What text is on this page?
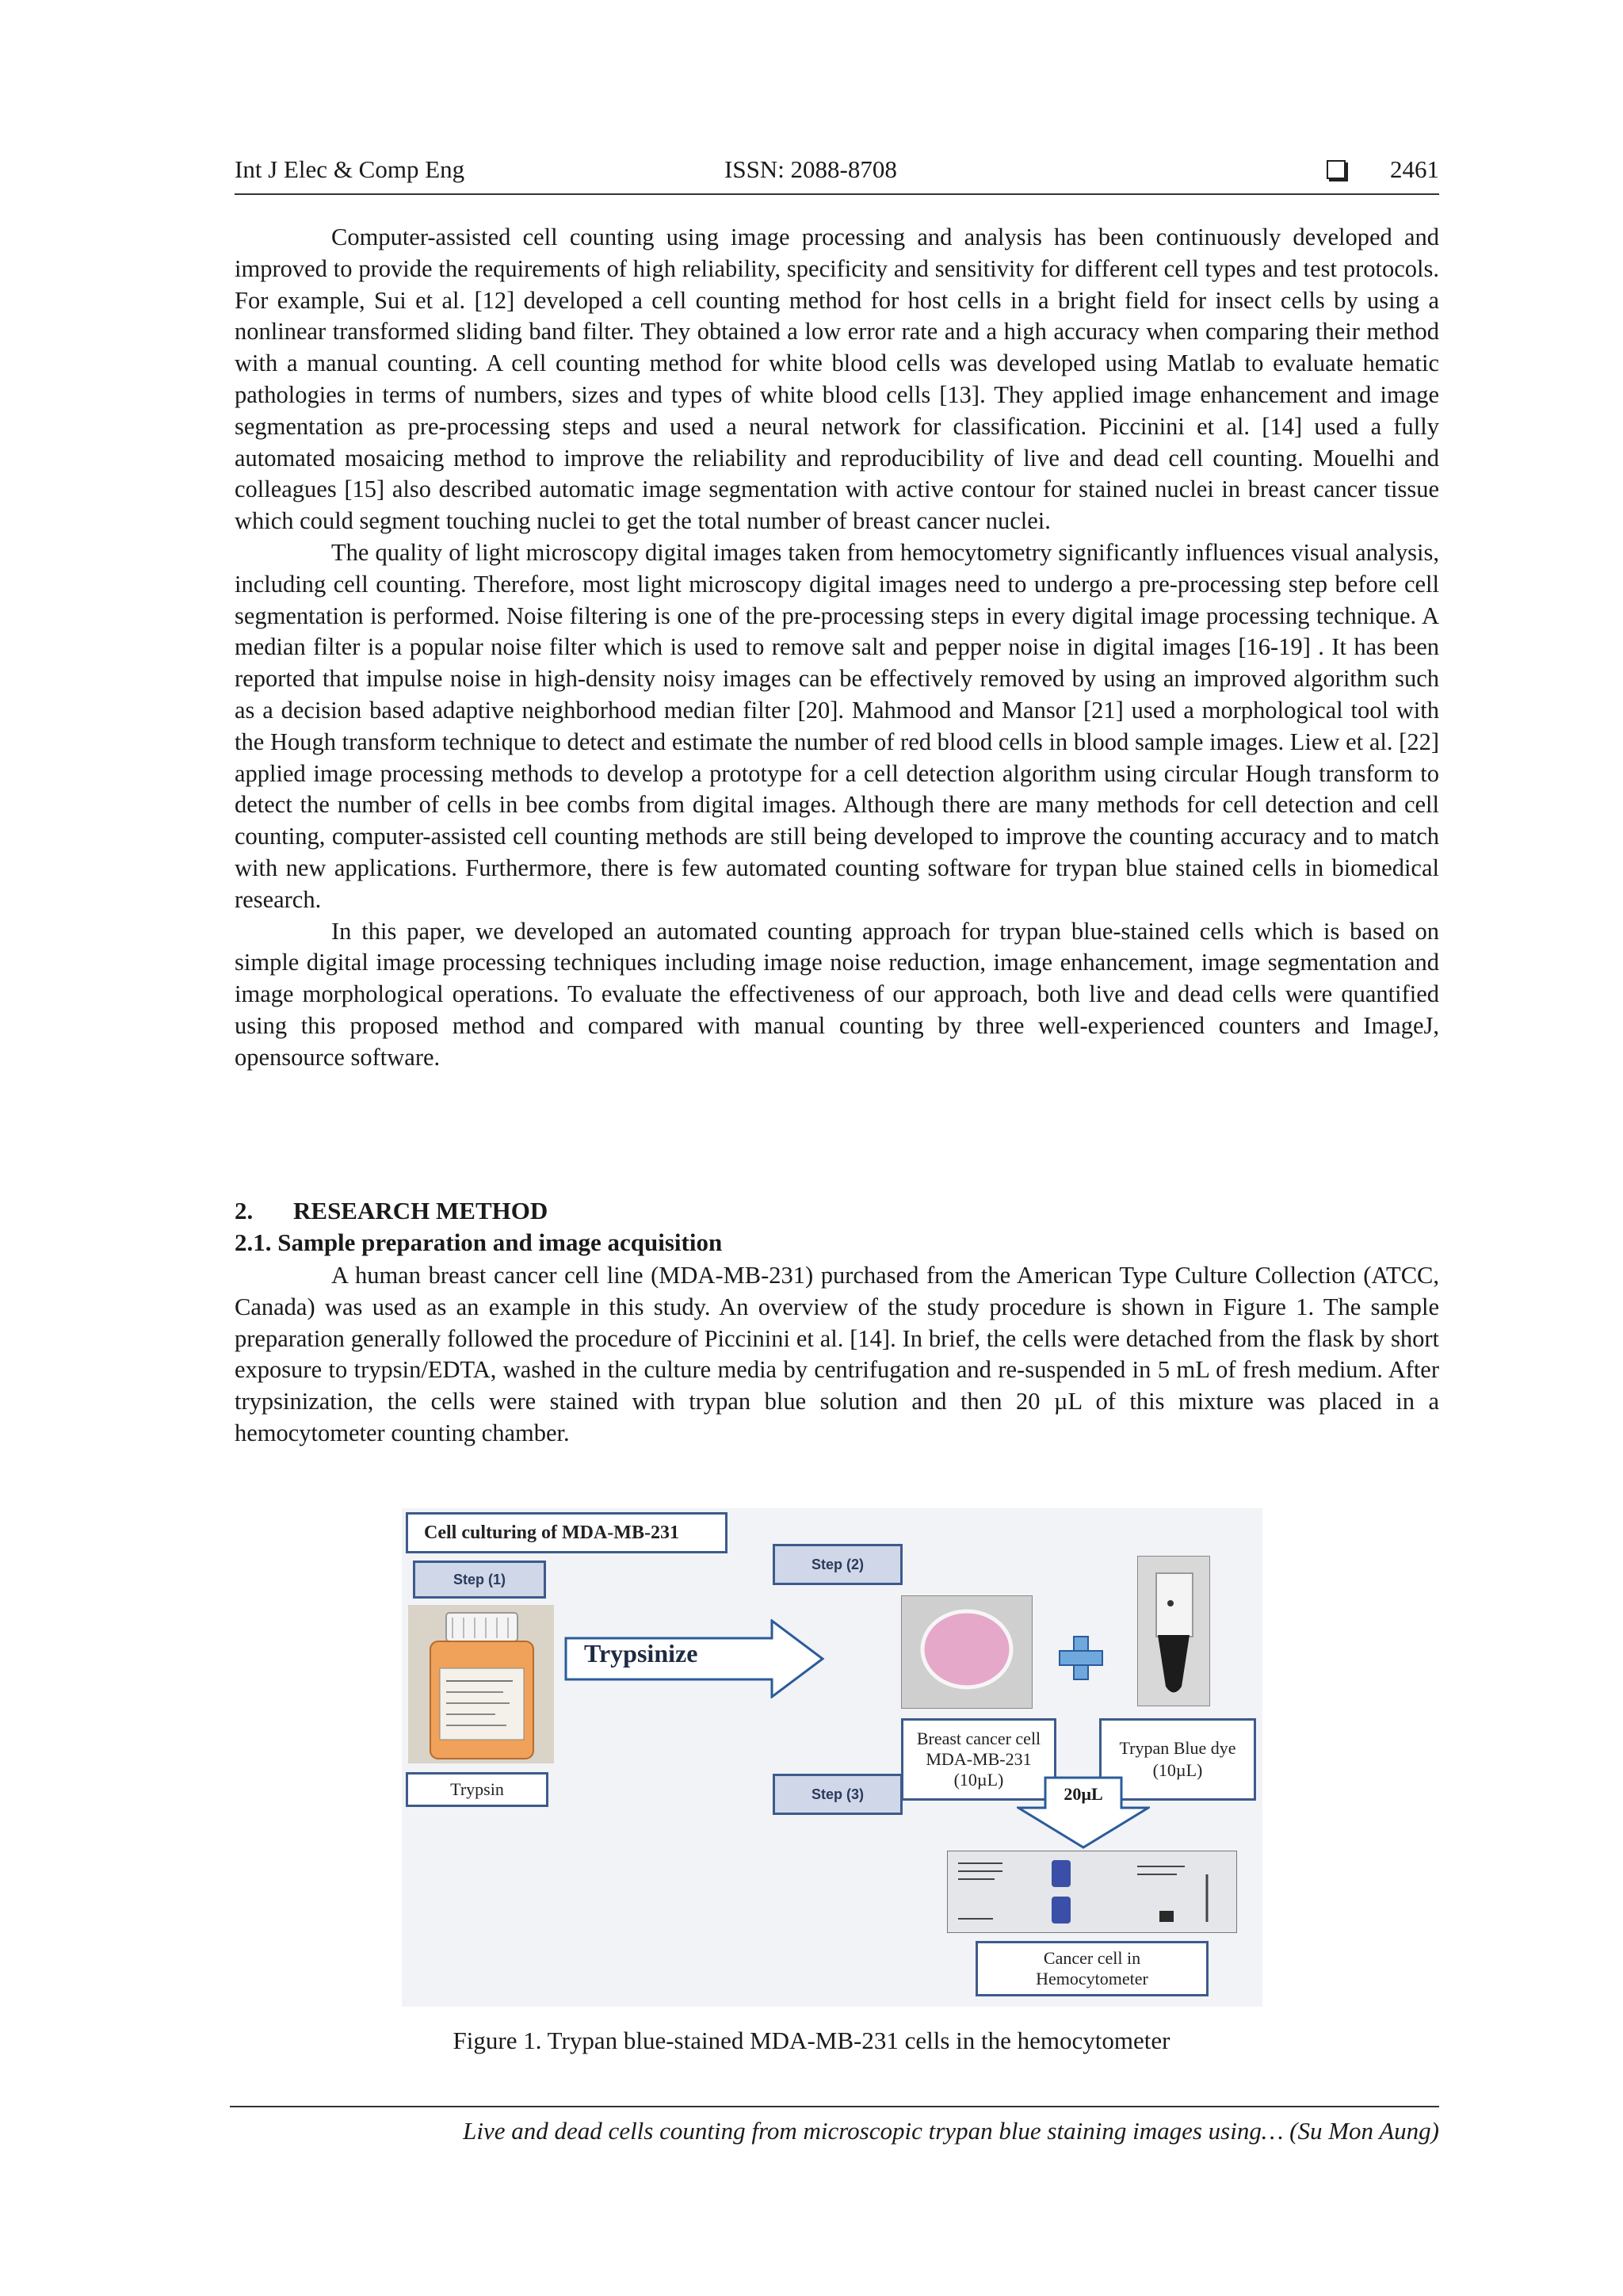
Int J Elec & Comp Eng	ISSN: 2088-8708	2461

Computer-assisted cell counting using image processing and analysis has been continuously developed and improved to provide the requirements of high reliability, specificity and sensitivity for different cell types and test protocols. For example, Sui et al. [12] developed a cell counting method for host cells in a bright field for insect cells by using a nonlinear transformed sliding band filter. They obtained a low error rate and a high accuracy when comparing their method with a manual counting. A cell counting method for white blood cells was developed using Matlab to evaluate hematic pathologies in terms of numbers, sizes and types of white blood cells [13]. They applied image enhancement and image segmentation as pre-processing steps and used a neural network for classification. Piccinini et al. [14] used a fully automated mosaicing method to improve the reliability and reproducibility of live and dead cell counting. Mouelhi and colleagues [15] also described automatic image segmentation with active contour for stained nuclei in breast cancer tissue which could segment touching nuclei to get the total number of breast cancer nuclei.

The quality of light microscopy digital images taken from hemocytometry significantly influences visual analysis, including cell counting. Therefore, most light microscopy digital images need to undergo a pre-processing step before cell segmentation is performed. Noise filtering is one of the pre-processing steps in every digital image processing technique. A median filter is a popular noise filter which is used to remove salt and pepper noise in digital images [16-19] . It has been reported that impulse noise in high-density noisy images can be effectively removed by using an improved algorithm such as a decision based adaptive neighborhood median filter [20]. Mahmood and Mansor [21] used a morphological tool with the Hough transform technique to detect and estimate the number of red blood cells in blood sample images. Liew et al. [22] applied image processing methods to develop a prototype for a cell detection algorithm using circular Hough transform to detect the number of cells in bee combs from digital images. Although there are many methods for cell detection and cell counting, computer-assisted cell counting methods are still being developed to improve the counting accuracy and to match with new applications. Furthermore, there is few automated counting software for trypan blue stained cells in biomedical research.

In this paper, we developed an automated counting approach for trypan blue-stained cells which is based on simple digital image processing techniques including image noise reduction, image enhancement, image segmentation and image morphological operations. To evaluate the effectiveness of our approach, both live and dead cells were quantified using this proposed method and compared with manual counting by three well-experienced counters and ImageJ, opensource software.

2. RESEARCH METHOD
2.1. Sample preparation and image acquisition

A human breast cancer cell line (MDA-MB-231) purchased from the American Type Culture Collection (ATCC, Canada) was used as an example in this study. An overview of the study procedure is shown in Figure 1. The sample preparation generally followed the procedure of Piccinini et al. [14]. In brief, the cells were detached from the flask by short exposure to trypsin/EDTA, washed in the culture media by centrifugation and re-suspended in 5 mL of fresh medium. After trypsinization, the cells were stained with trypan blue solution and then 20 µL of this mixture was placed in a hemocytometer counting chamber.

Cell culturing of MDA-MB-231
Step (1)
Trypsin
Trypsinize
Step (2)
Breast cancer cell
MDA-MB-231
(10µL)
Trypan Blue dye
(10µL)
Step (3)	20µL
Cancer cell in
Hemocytometer
Figure 1. Trypan blue-stained MDA-MB-231 cells in the hemocytometer
Live and dead cells counting from microscopic trypan blue staining images using… (Su Mon Aung)
